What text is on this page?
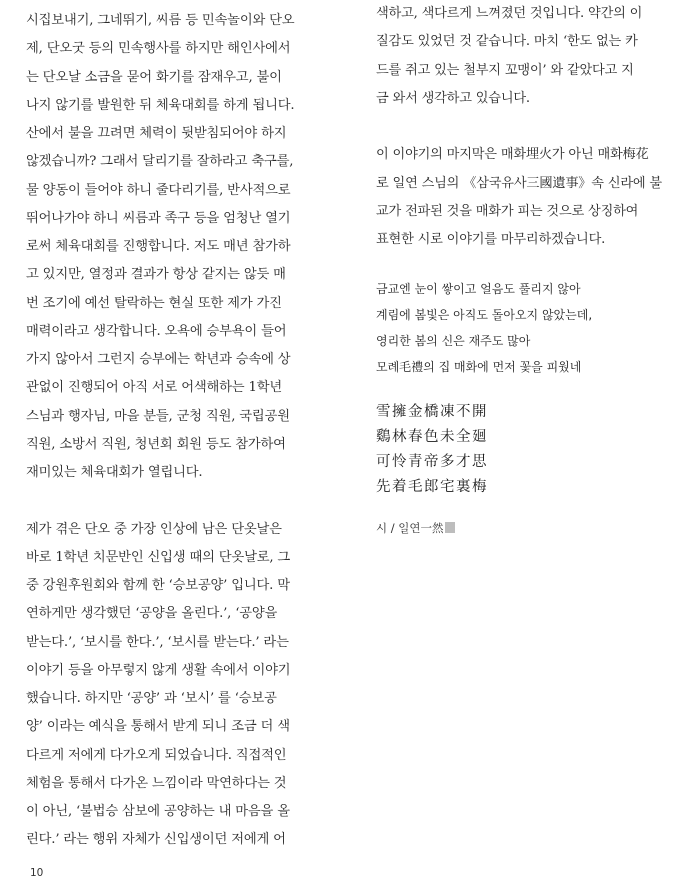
시집보내기, 그네뛰기, 씨름 등 민속놀이와 단오
제, 단오굿 등의 민속행사를 하지만 해인사에서
는 단오날 소금을 묻어 화기를 잠재우고, 불이
나지 않기를 발원한 뒤 체육대회를 하게 됩니다.
산에서 불을 끄려면 체력이 뒷받침되어야 하지
않겠습니까? 그래서 달리기를 잘하라고 축구를,
물 양동이 들어야 하니 줄다리기를, 반사적으로
뛰어나가야 하니 씨름과 족구 등을 엄청난 열기
로써 체육대회를 진행합니다. 저도 매년 참가하
고 있지만, 열정과 결과가 항상 같지는 않듯 매
번 조기에 예선 탈락하는 현실 또한 제가 가진
매력이라고 생각합니다. 오욕에 승부욕이 들어
가지 않아서 그런지 승부에는 학년과 승속에 상
관없이 진행되어 아직 서로 어색해하는 1학년
스님과 행자님, 마을 분들, 군청 직원, 국립공원
직원, 소방서 직원, 청년회 회원 등도 참가하여
재미있는 체육대회가 열립니다.
제가 겪은 단오 중 가장 인상에 남은 단옷날은
바로 1학년 치문반인 신입생 때의 단옷날로, 그
중 강원후원회와 함께 한 ‘승보공양’ 입니다. 막
연하게만 생각했던 ‘공양을 올린다.’, ‘공양을
받는다.’, ‘보시를 한다.’, ‘보시를 받는다.’ 라는
이야기 등을 아무렇지 않게 생활 속에서 이야기
했습니다. 하지만 ‘공양’ 과 ‘보시’ 를 ‘승보공
양’ 이라는 예식을 통해서 받게 되니 조금 더 색
다르게 저에게 다가오게 되었습니다. 직접적인
체험을 통해서 다가온 느낌이라 막연하다는 것
이 아닌, ‘불법승 삼보에 공양하는 내 마음을 올
린다.’ 라는 행위 자체가 신입생이던 저에게 어
색하고, 색다르게 느껴졌던 것입니다. 약간의 이
질감도 있었던 것 같습니다. 마치 ‘한도 없는 카
드를 쥐고 있는 철부지 꼬맹이’ 와 같았다고 지
금 와서 생각하고 있습니다.
이 이야기의 마지막은 매화埋火가 아닌 매화梅花
로 일연 스님의 《삼국유사三國遺事》속 신라에 불
교가 전파된 것을 매화가 피는 것으로 상징하여
표현한 시로 이야기를 마무리하겠습니다.
금교엔 눈이 쌓이고 얼음도 풀리지 않아
계림에 봄빛은 아직도 돌아오지 않았는데,
영리한 봄의 신은 재주도 많아
모례毛禮의 집 매화에 먼저 꽃을 피웠네
雪擁金橋凍不開
鷄林春色未全廻
可怜青帝多才思
先着毛郎宅裏梅
시 / 일연一然
10
